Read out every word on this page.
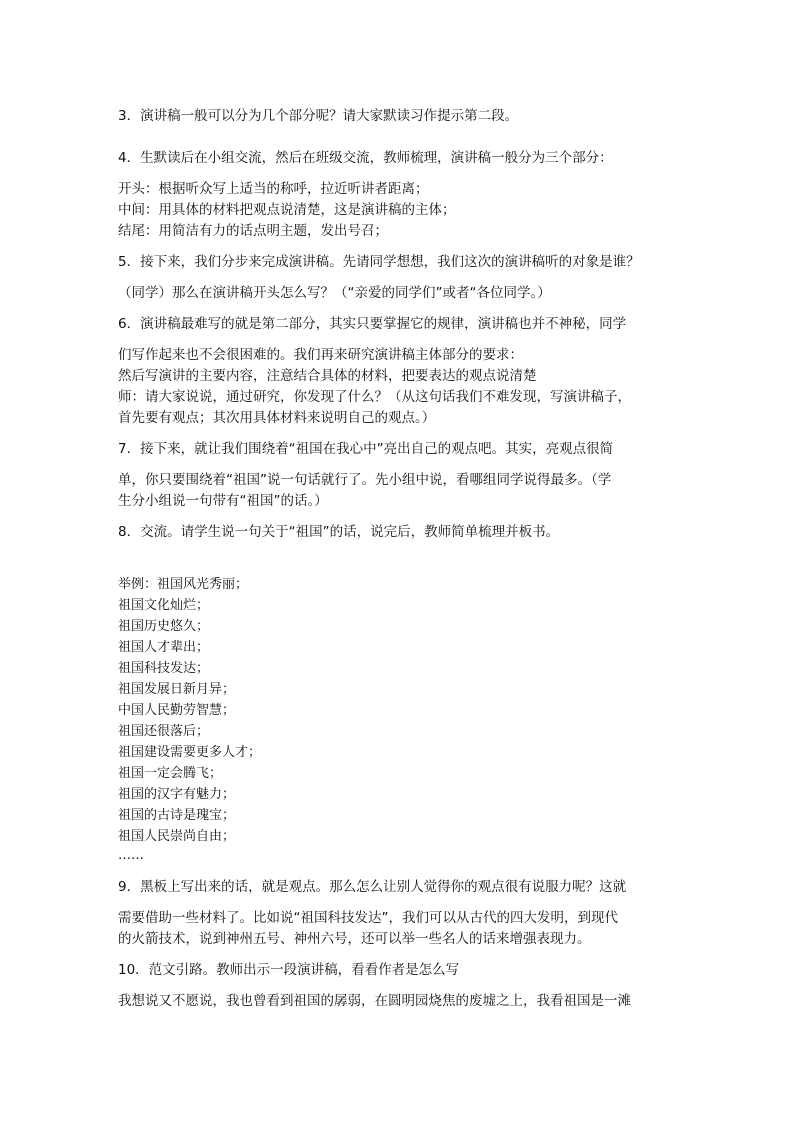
3．演讲稿一般可以分为几个部分呢？请大家默读习作提示第二段。
4．生默读后在小组交流，然后在班级交流，教师梳理，演讲稿一般分为三个部分：
开头：根据听众写上适当的称呼，拉近听讲者距离；
中间：用具体的材料把观点说清楚，这是演讲稿的主体；
结尾：用简洁有力的话点明主题，发出号召；
5．接下来，我们分步来完成演讲稿。先请同学想想，我们这次的演讲稿听的对象是谁？
（同学）那么在演讲稿开头怎么写？（“亲爱的同学们”或者“各位同学。）
6．演讲稿最难写的就是第二部分，其实只要掌握它的规律，演讲稿也并不神秘，同学
们写作起来也不会很困难的。我们再来研究演讲稿主体部分的要求：
然后写演讲的主要内容，注意结合具体的材料，把要表达的观点说清楚
师：请大家说说，通过研究，你发现了什么？（从这句话我们不难发现，写演讲稿子，
首先要有观点；其次用具体材料来说明自己的观点。）
7．接下来，就让我们围绕着“祖国在我心中”亮出自己的观点吧。其实，亮观点很简
单，你只要围绕着“祖国”说一句话就行了。先小组中说，看哪组同学说得最多。（学
生分小组说一句带有“祖国”的话。）
8．交流。请学生说一句关于“祖国”的话，说完后，教师简单梳理并板书。
举例：祖国风光秀丽；
祖国文化灿烂；
祖国历史悠久；
祖国人才辈出；
祖国科技发达；
祖国发展日新月异；
中国人民勤劳智慧；
祖国还很落后；
祖国建设需要更多人才；
祖国一定会腾飞；
祖国的汉字有魅力；
祖国的古诗是瑰宝；
祖国人民崇尚自由；
……
9．黑板上写出来的话，就是观点。那么怎么让别人觉得你的观点很有说服力呢？这就
需要借助一些材料了。比如说“祖国科技发达”，我们可以从古代的四大发明，到现代
的火箭技术，说到神州五号、神州六号，还可以举一些名人的话来增强表现力。
10．范文引路。教师出示一段演讲稿，看看作者是怎么写
我想说又不愿说，我也曾看到祖国的孱弱，在圆明园烧焦的废墟之上，我看祖国是一滩
